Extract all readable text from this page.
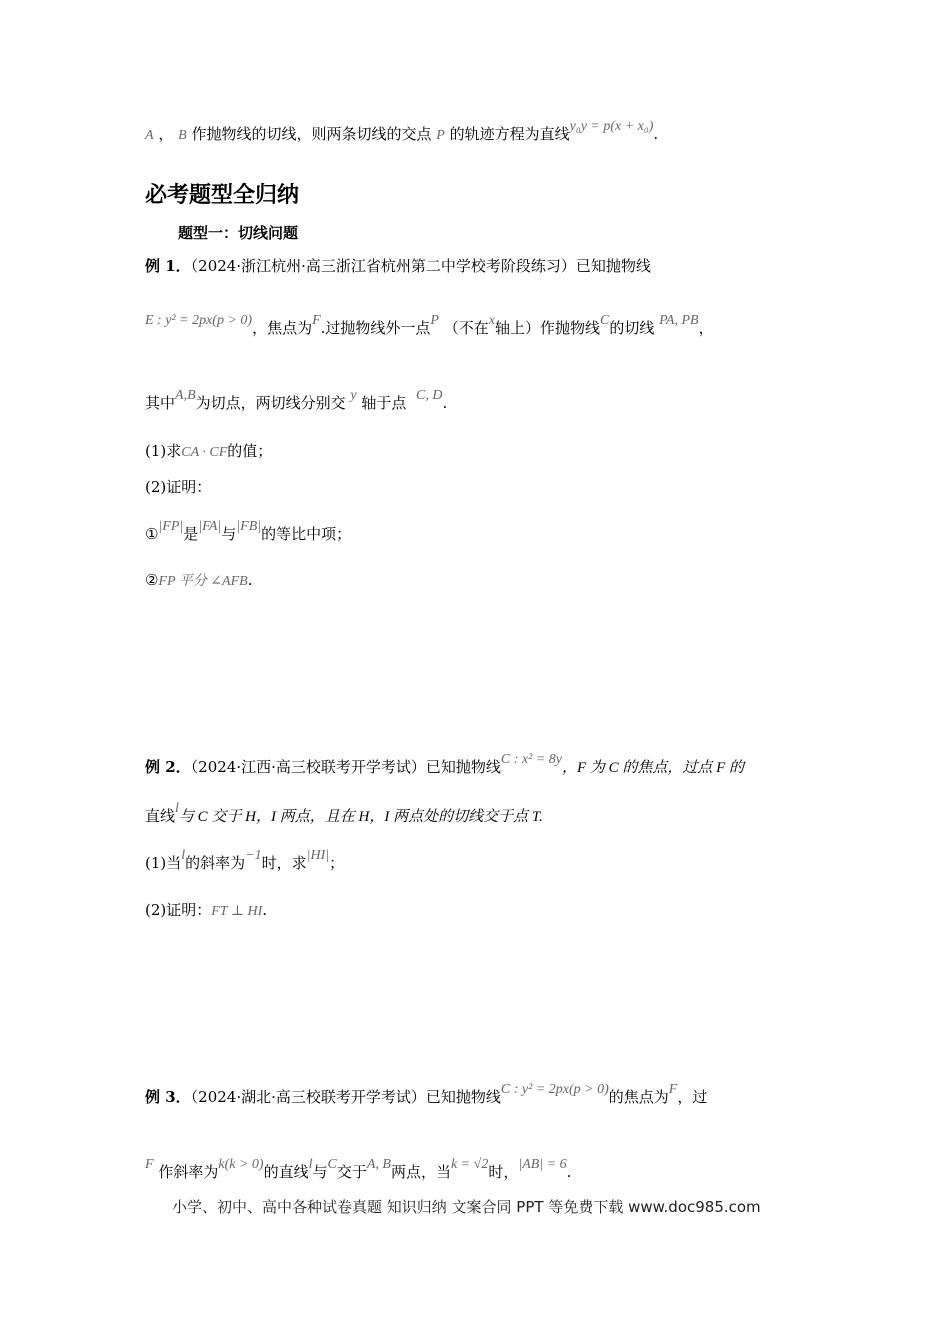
A ， B 作抛物线的切线，则两条切线的交点 P 的轨迹方程为直线y₀y = p(x + x₀).
必考题型全归纳
题型一：切线问题
例 1．（2024·浙江杭州·高三浙江省杭州第二中学校考阶段练习）已知抛物线
E : y² = 2px(p > 0)，焦点为F.过抛物线外一点P （不在x轴上）作抛物线C的切线 PA, PB，
其中A,B为切点，两切线分别交 y 轴于点 C, D.
(1)求CA · CF的值；
(2)证明：
①|FP|是|FA|与|FB|的等比中项；
②FP 平分 ∠AFB.
例 2．（2024·江西·高三校联考开学考试）已知抛物线C : x² = 8y，F 为 C 的焦点，过点 F 的
直线l与 C 交于 H，I 两点，且在 H，I 两点处的切线交于点 T.
(1)当l的斜率为−1时，求|HI|；
(2)证明：FT ⊥ HI.
例 3．（2024·湖北·高三校联考开学考试）已知抛物线C : y² = 2px(p > 0)的焦点为F，过
F 作斜率为k(k > 0)的直线l与C交于A, B两点，当k = √2时，|AB| = 6.
小学、初中、高中各种试卷真题 知识归纳 文案合同 PPT 等免费下载 www.doc985.com
